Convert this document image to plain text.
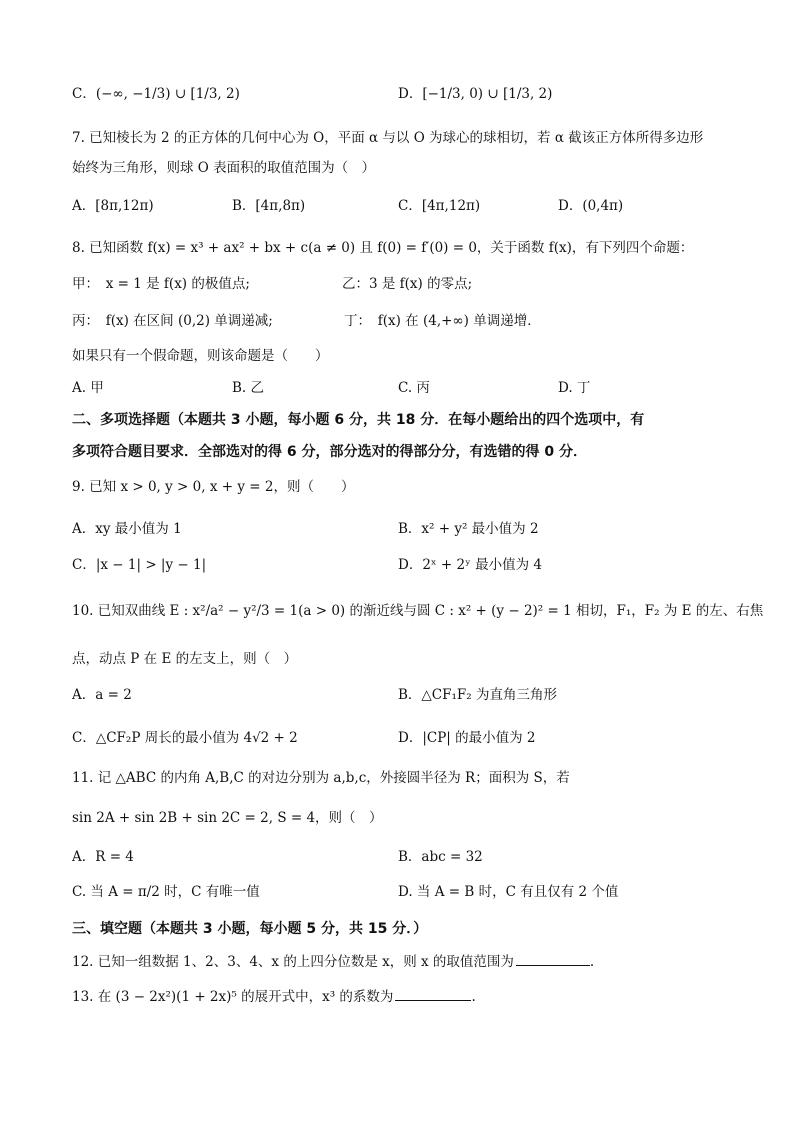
C．(−∞, −1/3) ∪ [1/3, 2)	D．[−1/3, 0) ∪ [1/3, 2)
7. 已知棱长为 2 的正方体的几何中心为 O，平面 α 与以 O 为球心的球相切，若 α 截该正方体所得多边形
始终为三角形，则球 O 表面积的取值范围为（　）
A．[8π,12π)	B．[4π,8π)	C．[4π,12π)	D．(0,4π)
8. 已知函数 f(x) = x³ + ax² + bx + c(a ≠ 0) 且 f(0) = f′(0) = 0，关于函数 f(x)，有下列四个命题：
甲：　x = 1 是 f(x) 的极值点;	乙：3 是 f(x) 的零点;
丙：　f(x) 在区间 (0,2) 单调递减;	丁：　f(x) 在 (4,+∞) 单调递增．
如果只有一个假命题，则该命题是（　　）
A. 甲	B. 乙	C. 丙	D. 丁
二、多项选择题（本题共 3 小题，每小题 6 分，共 18 分．在每小题给出的四个选项中，有
多项符合题目要求．全部选对的得 6 分，部分选对的得部分分，有选错的得 0 分．
9. 已知 x > 0, y > 0, x + y = 2，则（　　）
A．xy 最小值为 1	B．x² + y² 最小值为 2
C．|x − 1| > |y − 1|	D．2ˣ + 2ʸ 最小值为 4
10. 已知双曲线 E : x²/a² − y²/3 = 1(a > 0) 的渐近线与圆 C : x² + (y − 2)² = 1 相切，F₁，F₂ 为 E 的左、右焦
点，动点 P 在 E 的左支上，则（　）
A．a = 2	B．△CF₁F₂ 为直角三角形
C．△CF₂P 周长的最小值为 4√2 + 2	D．|CP| 的最小值为 2
11. 记 △ABC 的内角 A,B,C 的对边分别为 a,b,c，外接圆半径为 R；面积为 S，若
sin 2A + sin 2B + sin 2C = 2, S = 4，则（　）
A．R = 4	B．abc = 32
C. 当 A = π/2 时，C 有唯一值	D. 当 A = B 时，C 有且仅有 2 个值
三、填空题（本题共 3 小题，每小题 5 分，共 15 分．）
12. 已知一组数据 1、2、3、4、x 的上四分位数是 x，则 x 的取值范围为	.
13. 在 (3 − 2x²)(1 + 2x)⁵ 的展开式中，x³ 的系数为	.
